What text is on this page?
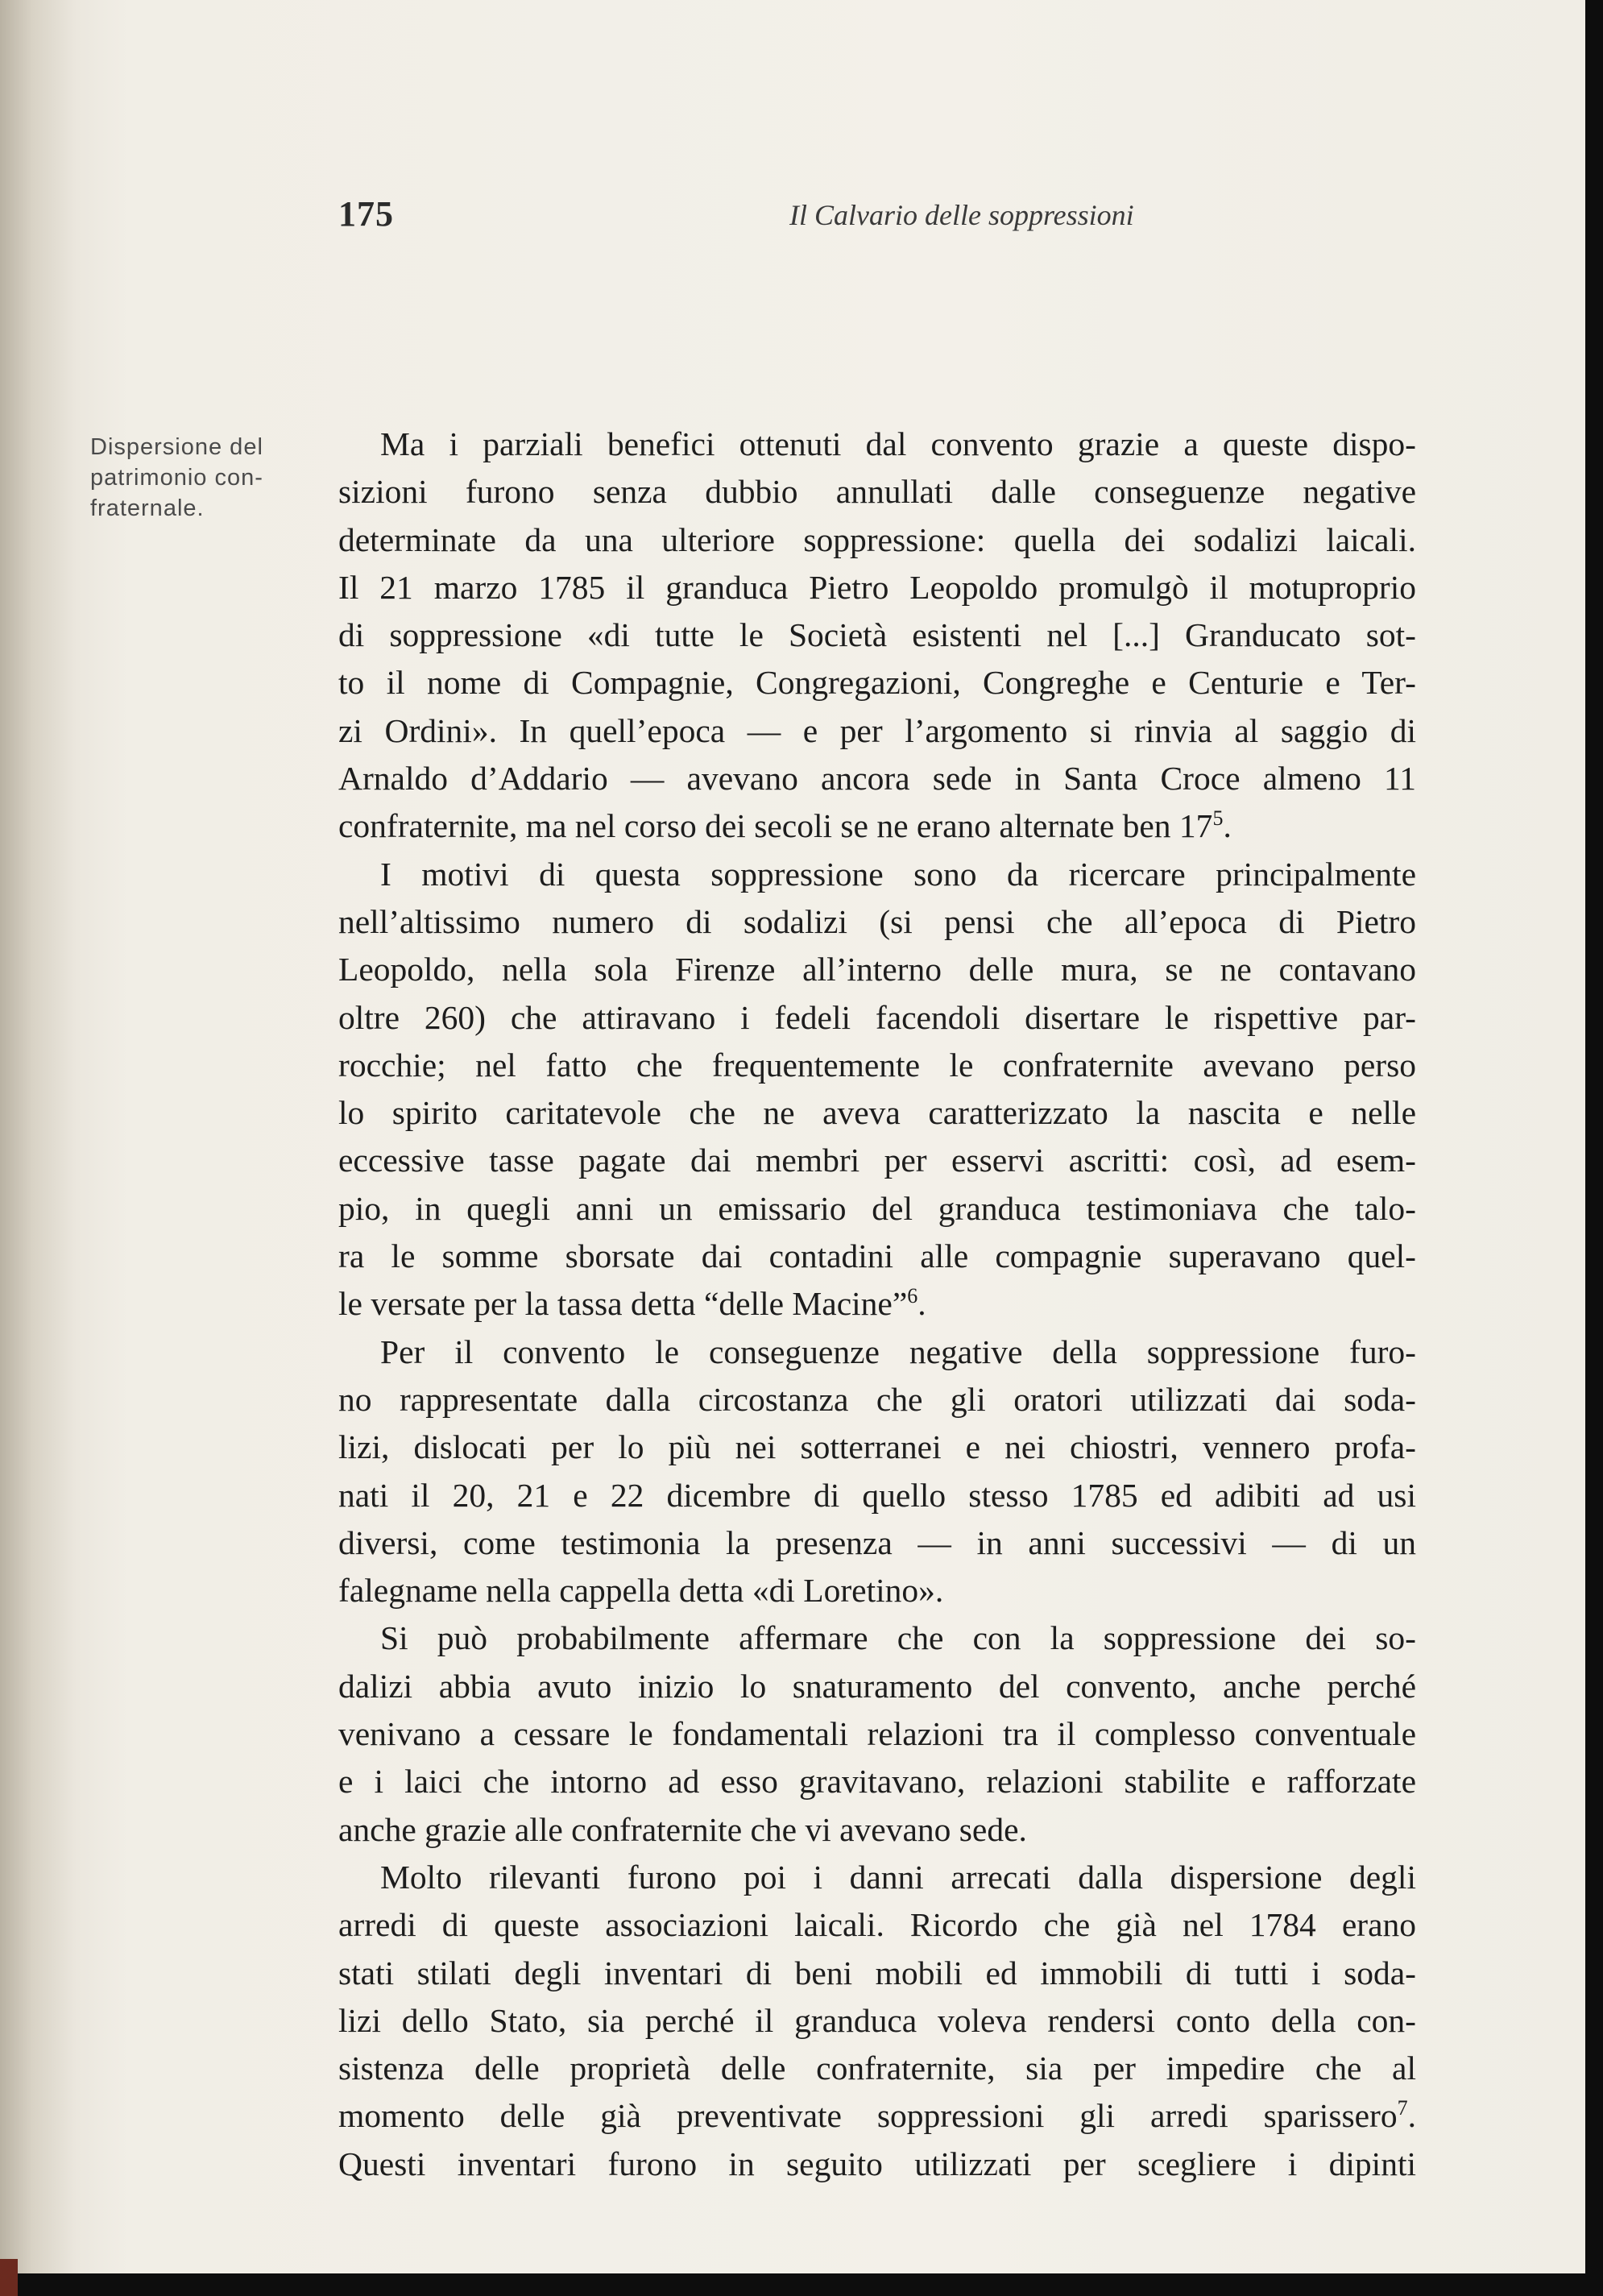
175	Il Calvario delle soppressioni
Dispersione del
patrimonio con-
fraternale.
Ma i parziali benefici ottenuti dal convento grazie a queste dispo-
sizioni furono senza dubbio annullati dalle conseguenze negative
determinate da una ulteriore soppressione: quella dei sodalizi laicali.
Il 21 marzo 1785 il granduca Pietro Leopoldo promulgò il motuproprio
di soppressione «di tutte le Società esistenti nel [...] Granducato sot-
to il nome di Compagnie, Congregazioni, Congreghe e Centurie e Ter-
zi Ordini». In quell’epoca — e per l’argomento si rinvia al saggio di
Arnaldo d’Addario — avevano ancora sede in Santa Croce almeno 11
confraternite, ma nel corso dei secoli se ne erano alternate ben $17^5$.
I motivi di questa soppressione sono da ricercare principalmente
nell’altissimo numero di sodalizi (si pensi che all’epoca di Pietro
Leopoldo, nella sola Firenze all’interno delle mura, se ne contavano
oltre 260) che attiravano i fedeli facendoli disertare le rispettive par-
rocchie; nel fatto che frequentemente le confraternite avevano perso
lo spirito caritatevole che ne aveva caratterizzato la nascita e nelle
eccessive tasse pagate dai membri per esservi ascritti: così, ad esem-
pio, in quegli anni un emissario del granduca testimoniava che talo-
ra le somme sborsate dai contadini alle compagnie superavano quel-
le versate per la tassa detta “delle Macine”$^6$.
Per il convento le conseguenze negative della soppressione furo-
no rappresentate dalla circostanza che gli oratori utilizzati dai soda-
lizi, dislocati per lo più nei sotterranei e nei chiostri, vennero profa-
nati il 20, 21 e 22 dicembre di quello stesso 1785 ed adibiti ad usi
diversi, come testimonia la presenza — in anni successivi — di un
falegname nella cappella detta «di Loretino».
Si può probabilmente affermare che con la soppressione dei so-
dalizi abbia avuto inizio lo snaturamento del convento, anche perché
venivano a cessare le fondamentali relazioni tra il complesso conventuale
e i laici che intorno ad esso gravitavano, relazioni stabilite e rafforzate
anche grazie alle confraternite che vi avevano sede.
Molto rilevanti furono poi i danni arrecati dalla dispersione degli
arredi di queste associazioni laicali. Ricordo che già nel 1784 erano
stati stilati degli inventari di beni mobili ed immobili di tutti i soda-
lizi dello Stato, sia perché il granduca voleva rendersi conto della con-
sistenza delle proprietà delle confraternite, sia per impedire che al
momento delle già preventivate soppressioni gli arredi sparissero$^7$.
Questi inventari furono in seguito utilizzati per scegliere i dipinti
